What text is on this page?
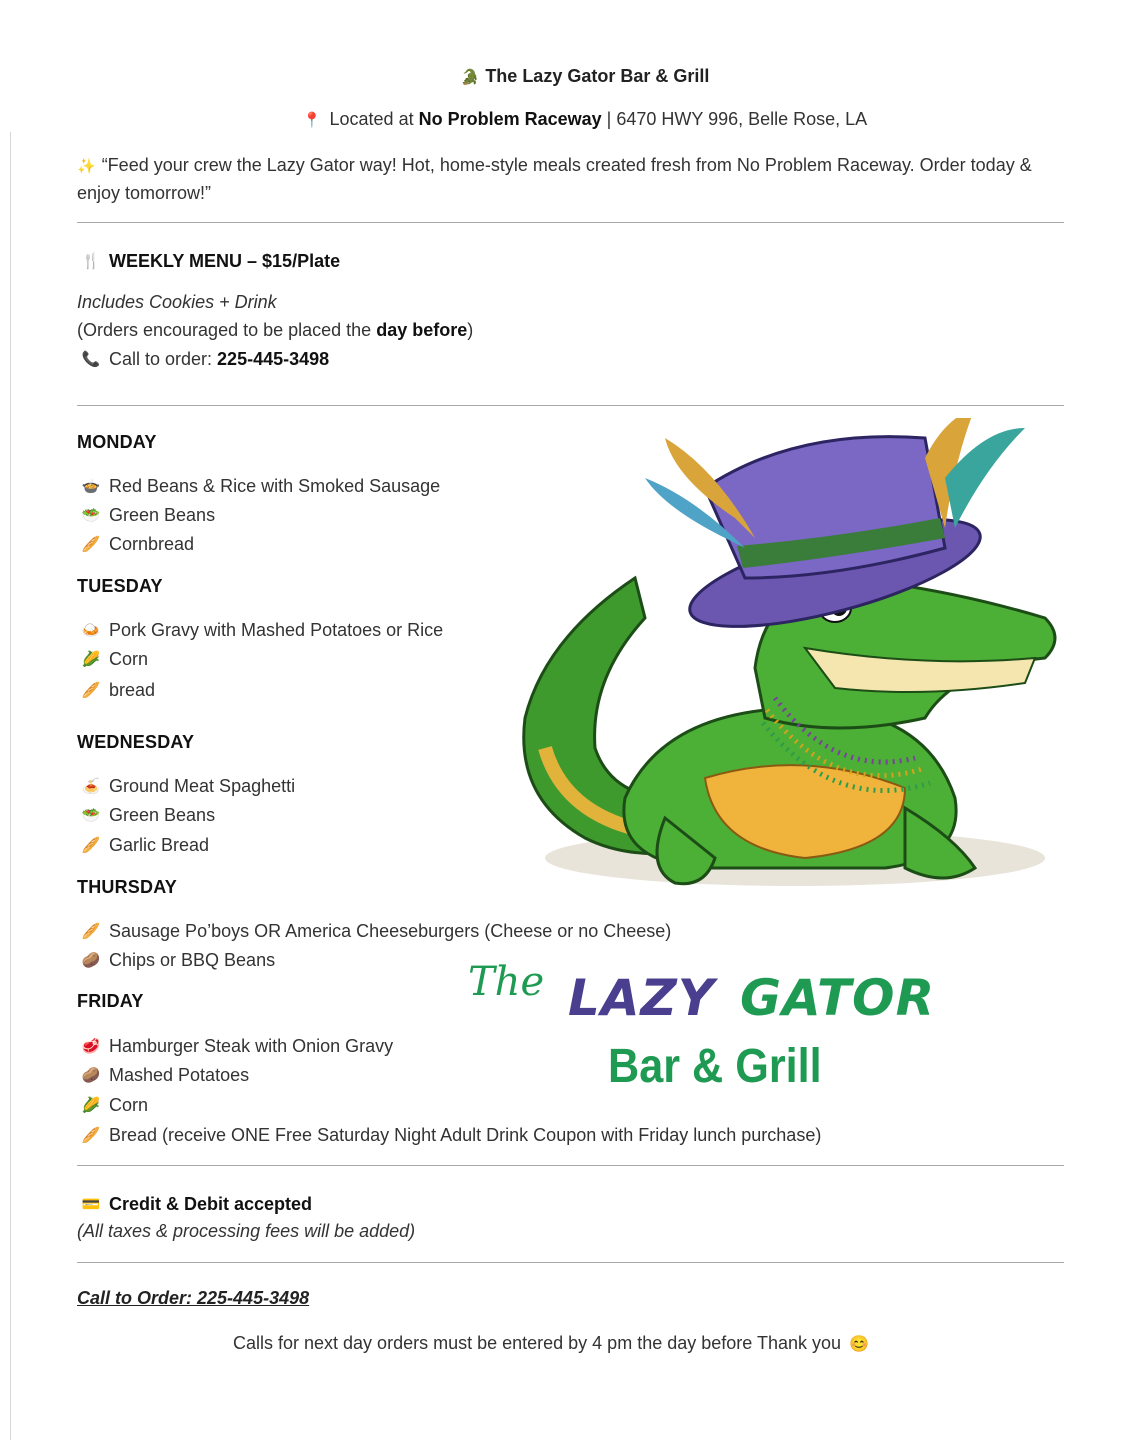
🐊 The Lazy Gator Bar & Grill
📍 Located at No Problem Raceway | 6470 HWY 996, Belle Rose, LA
✨ “Feed your crew the Lazy Gator way! Hot, home-style meals created fresh from No Problem Raceway. Order today & enjoy tomorrow!”
🍴 WEEKLY MENU – $15/Plate
Includes Cookies + Drink
(Orders encouraged to be placed the day before)
📞 Call to order: 225-445-3498
MONDAY
🍲 Red Beans & Rice with Smoked Sausage
🥗 Green Beans
🥖 Cornbread
TUESDAY
🍛 Pork Gravy with Mashed Potatoes or Rice
🌽 Corn
🥖 bread
WEDNESDAY
🍝 Ground Meat Spaghetti
🥗 Green Beans
🥖 Garlic Bread
THURSDAY
🥖 Sausage Po’boys OR America Cheeseburgers (Cheese or no Cheese)
🥔 Chips or BBQ Beans
FRIDAY
🥩 Hamburger Steak with Onion Gravy
🥔 Mashed Potatoes
🌽 Corn
🥖 Bread (receive ONE Free Saturday Night Adult Drink Coupon with Friday lunch purchase)
The LAZY GATOR
Bar & Grill
💳 Credit & Debit accepted
(All taxes & processing fees will be added)
Call to Order: 225-445-3498
Calls for next day orders must be entered by 4 pm the day before Thank you 😊
